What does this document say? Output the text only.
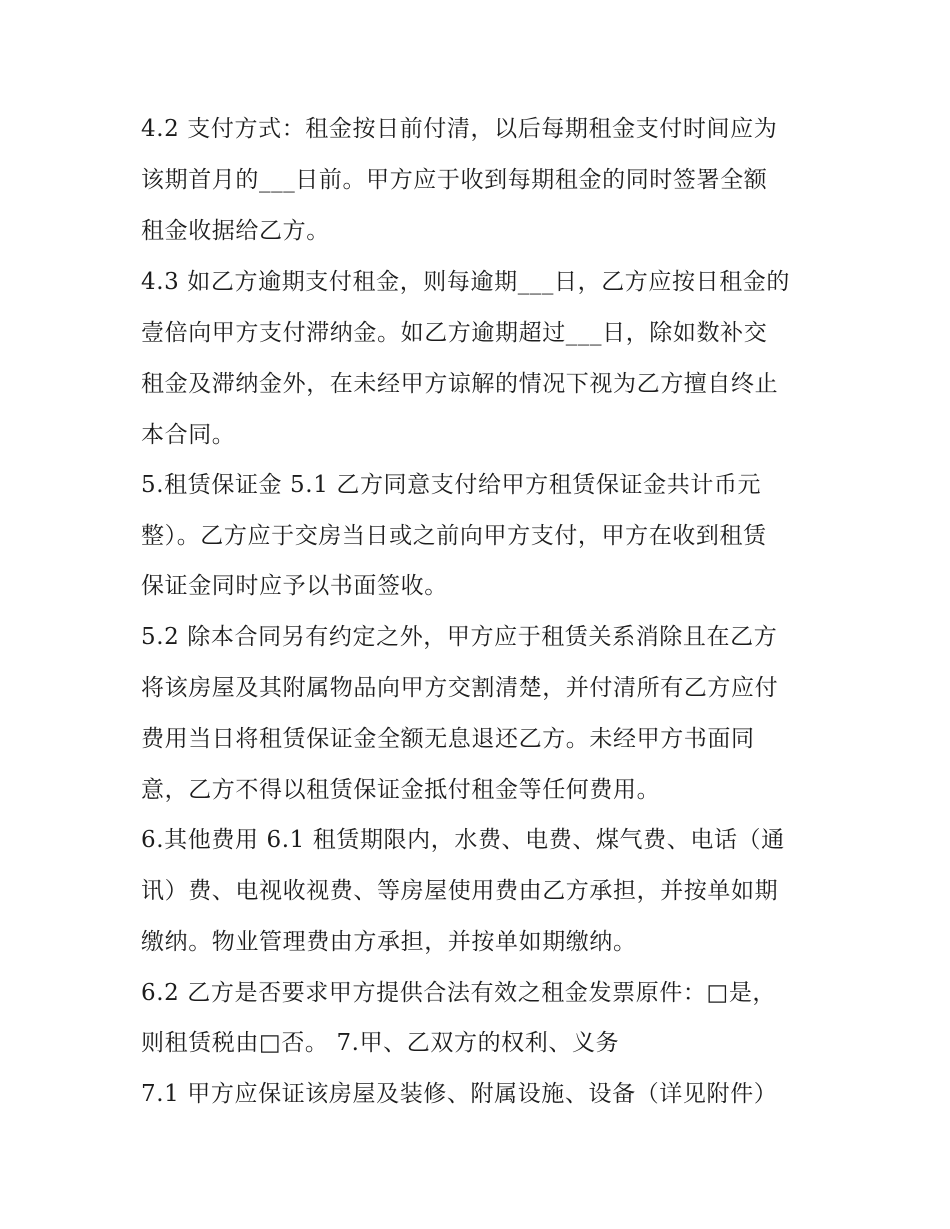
4.2 支付方式：租金按日前付清，以后每期租金支付时间应为

该期首月的___日前。甲方应于收到每期租金的同时签署全额

租金收据给乙方。

4.3 如乙方逾期支付租金，则每逾期___日，乙方应按日租金的

壹倍向甲方支付滞纳金。如乙方逾期超过___日，除如数补交

租金及滞纳金外，在未经甲方谅解的情况下视为乙方擅自终止

本合同。

5.租赁保证金 5.1 乙方同意支付给甲方租赁保证金共计币元

整）。乙方应于交房当日或之前向甲方支付，甲方在收到租赁

保证金同时应予以书面签收。

5.2 除本合同另有约定之外，甲方应于租赁关系消除且在乙方

将该房屋及其附属物品向甲方交割清楚，并付清所有乙方应付

费用当日将租赁保证金全额无息退还乙方。未经甲方书面同

意，乙方不得以租赁保证金抵付租金等任何费用。

6.其他费用 6.1 租赁期限内，水费、电费、煤气费、电话（通

讯）费、电视收视费、等房屋使用费由乙方承担，并按单如期

缴纳。物业管理费由方承担，并按单如期缴纳。

6.2 乙方是否要求甲方提供合法有效之租金发票原件：□是，

则租赁税由□否。 7.甲、乙双方的权利、义务

7.1 甲方应保证该房屋及装修、附属设施、设备（详见附件）
